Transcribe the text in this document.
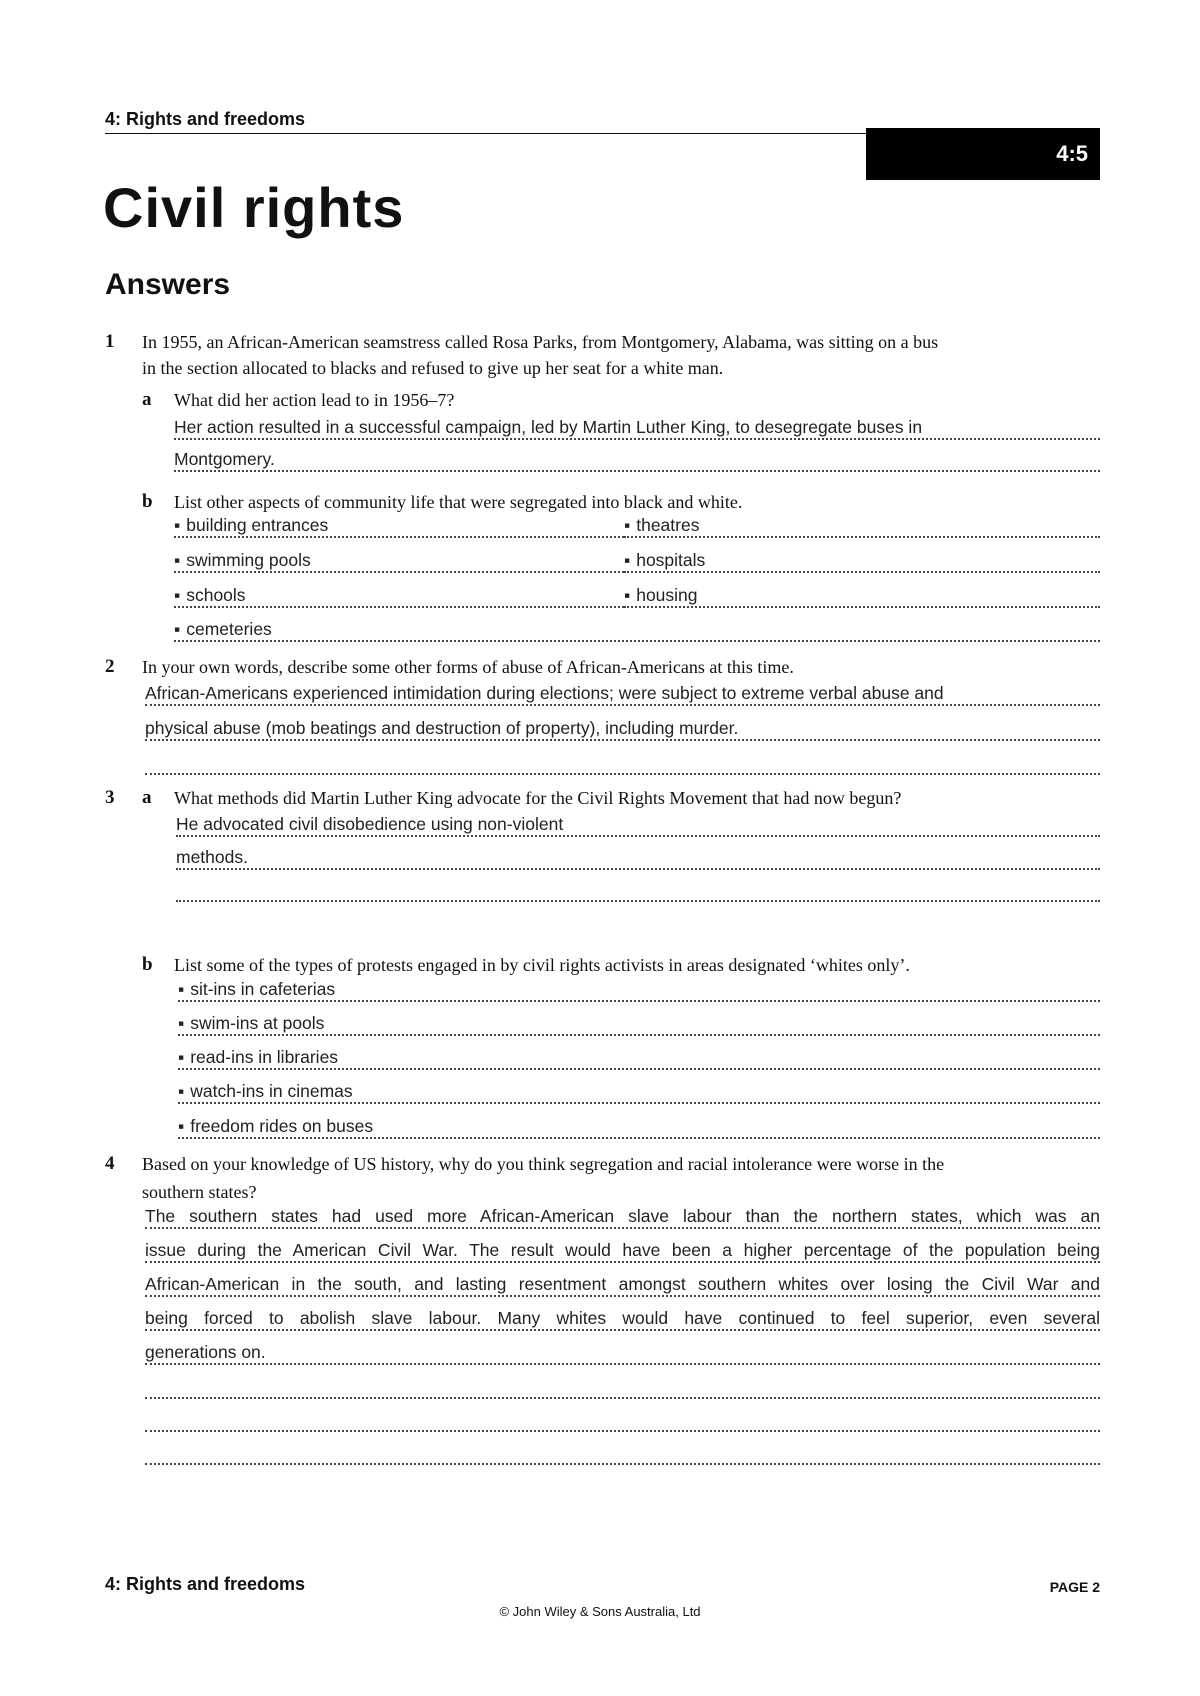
4: Rights and freedoms
4:5
Civil rights
Answers
1 In 1955, an African-American seamstress called Rosa Parks, from Montgomery, Alabama, was sitting on a bus
in the section allocated to blacks and refused to give up her seat for a white man.
a What did her action lead to in 1956–7?
Her action resulted in a successful campaign, led by Martin Luther King, to desegregate buses in
Montgomery.
b List other aspects of community life that were segregated into black and white.
▪ building entrances	▪ theatres
▪ swimming pools	▪ hospitals
▪ schools	▪ housing
▪ cemeteries
2 In your own words, describe some other forms of abuse of African-Americans at this time.
African-Americans experienced intimidation during elections; were subject to extreme verbal abuse and
physical abuse (mob beatings and destruction of property), including murder.
3 a What methods did Martin Luther King advocate for the Civil Rights Movement that had now begun?
He advocated civil disobedience using non-violent
methods.
b List some of the types of protests engaged in by civil rights activists in areas designated ‘whites only’.
▪ sit-ins in cafeterias
▪ swim-ins at pools
▪ read-ins in libraries
▪ watch-ins in cinemas
▪ freedom rides on buses
4 Based on your knowledge of US history, why do you think segregation and racial intolerance were worse in the
southern states?
The southern states had used more African-American slave labour than the northern states, which was an
issue during the American Civil War. The result would have been a higher percentage of the population being
African-American in the south, and lasting resentment amongst southern whites over losing the Civil War and
being forced to abolish slave labour. Many whites would have continued to feel superior, even several
generations on.
4: Rights and freedoms	PAGE 2
© John Wiley & Sons Australia, Ltd
